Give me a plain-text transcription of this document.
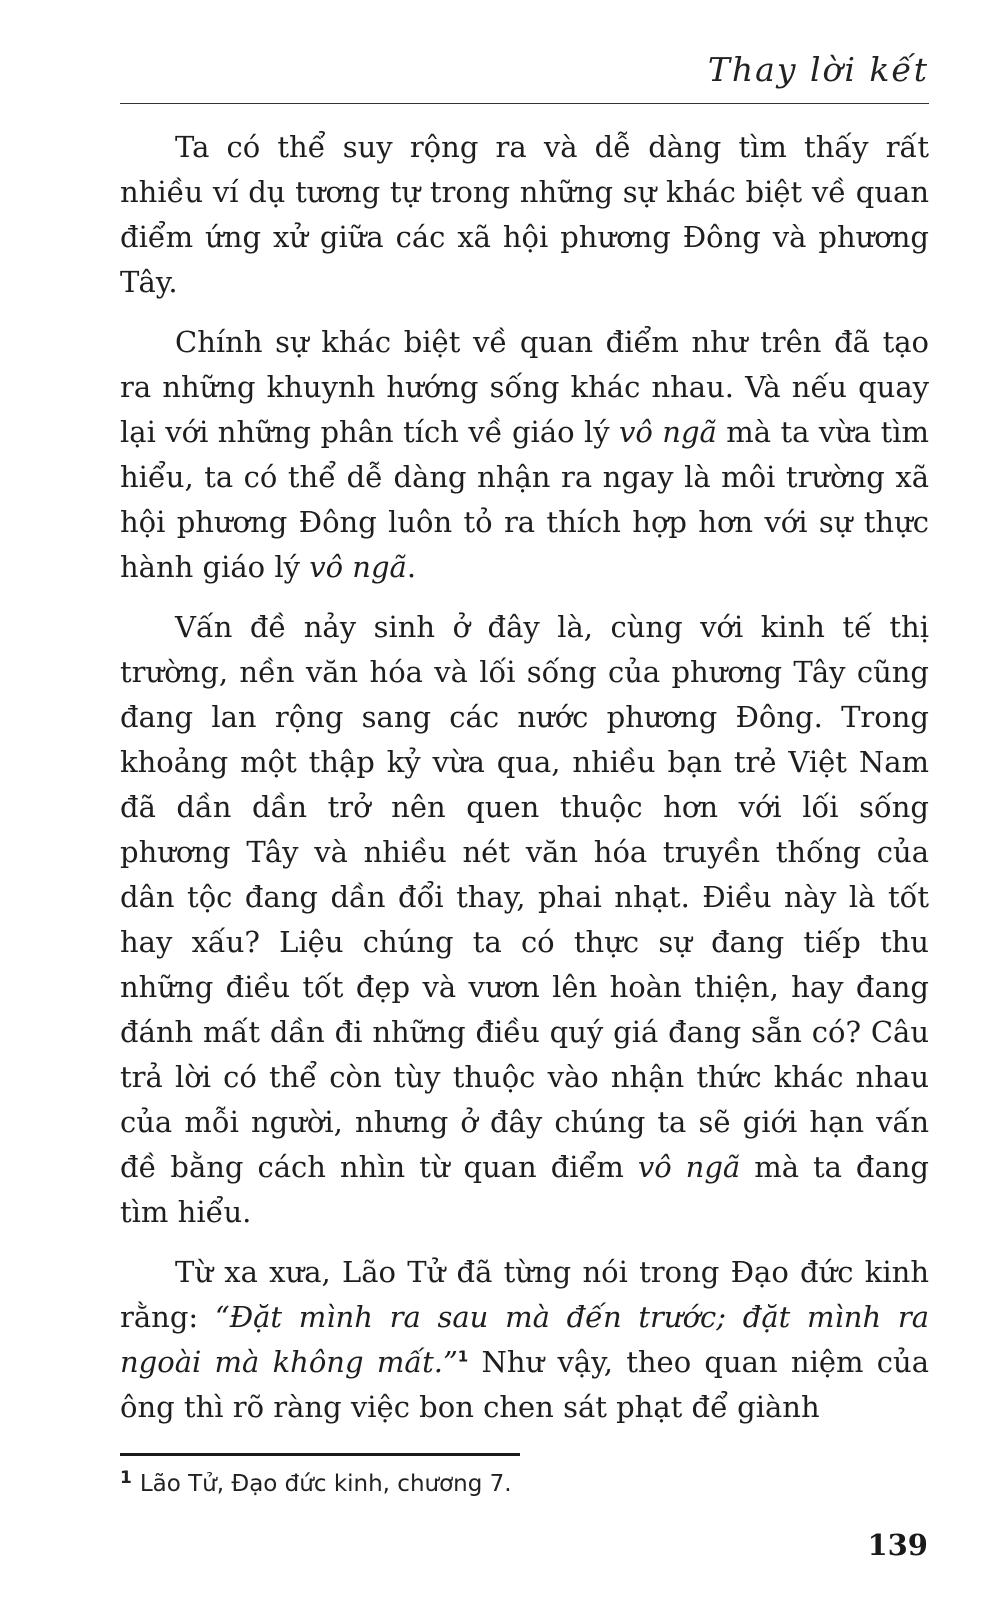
Thay lời kết

Ta có thể suy rộng ra và dễ dàng tìm thấy rất nhiều ví dụ tương tự trong những sự khác biệt về quan điểm ứng xử giữa các xã hội phương Đông và phương Tây.

Chính sự khác biệt về quan điểm như trên đã tạo ra những khuynh hướng sống khác nhau. Và nếu quay lại với những phân tích về giáo lý vô ngã mà ta vừa tìm hiểu, ta có thể dễ dàng nhận ra ngay là môi trường xã hội phương Đông luôn tỏ ra thích hợp hơn với sự thực hành giáo lý vô ngã.

Vấn đề nảy sinh ở đây là, cùng với kinh tế thị trường, nền văn hóa và lối sống của phương Tây cũng đang lan rộng sang các nước phương Đông. Trong khoảng một thập kỷ vừa qua, nhiều bạn trẻ Việt Nam đã dần dần trở nên quen thuộc hơn với lối sống phương Tây và nhiều nét văn hóa truyền thống của dân tộc đang dần đổi thay, phai nhạt. Điều này là tốt hay xấu? Liệu chúng ta có thực sự đang tiếp thu những điều tốt đẹp và vươn lên hoàn thiện, hay đang đánh mất dần đi những điều quý giá đang sẵn có? Câu trả lời có thể còn tùy thuộc vào nhận thức khác nhau của mỗi người, nhưng ở đây chúng ta sẽ giới hạn vấn đề bằng cách nhìn từ quan điểm vô ngã mà ta đang tìm hiểu.

Từ xa xưa, Lão Tử đã từng nói trong Đạo đức kinh rằng: “Đặt mình ra sau mà đến trước; đặt mình ra ngoài mà không mất.”$^1$ Như vậy, theo quan niệm của ông thì rõ ràng việc bon chen sát phạt để giành

$^1$ Lão Tử, Đạo đức kinh, chương 7.
139
